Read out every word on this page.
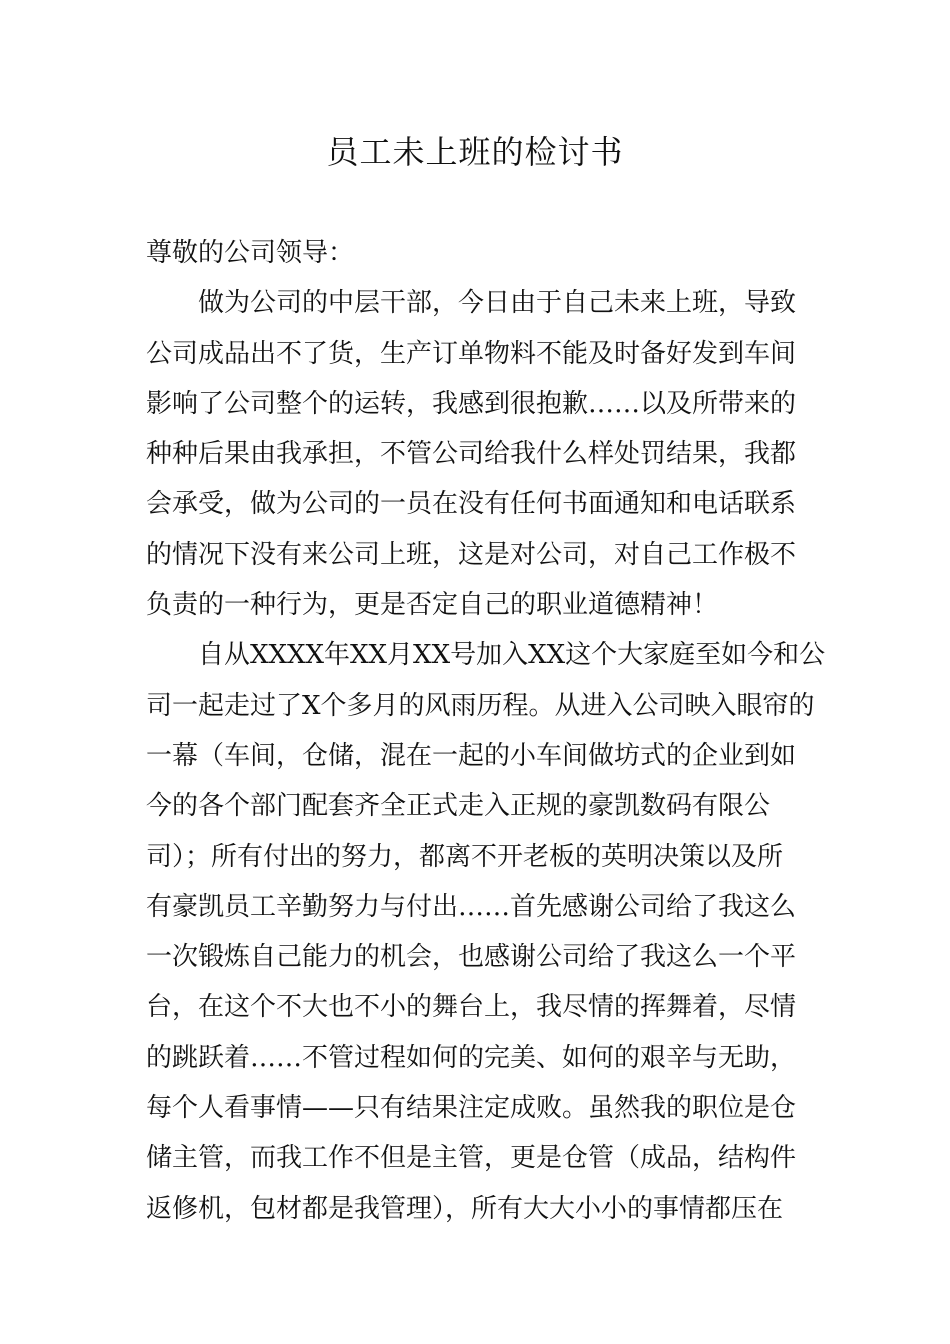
员工未上班的检讨书

尊敬的公司领导：

做为公司的中层干部，今日由于自己未来上班，导致
公司成品出不了货，生产订单物料不能及时备好发到车间
影响了公司整个的运转，我感到很抱歉……以及所带来的
种种后果由我承担，不管公司给我什么样处罚结果，我都
会承受，做为公司的一员在没有任何书面通知和电话联系
的情况下没有来公司上班，这是对公司，对自己工作极不
负责的一种行为，更是否定自己的职业道德精神！

自从XXXX年XX月XX号加入XX这个大家庭至如今和公
司一起走过了X个多月的风雨历程。从进入公司映入眼帘的
一幕（车间，仓储，混在一起的小车间做坊式的企业到如
今的各个部门配套齐全正式走入正规的豪凯数码有限公
司）；所有付出的努力，都离不开老板的英明决策以及所
有豪凯员工辛勤努力与付出……首先感谢公司给了我这么
一次锻炼自己能力的机会，也感谢公司给了我这么一个平
台，在这个不大也不小的舞台上，我尽情的挥舞着，尽情
的跳跃着……不管过程如何的完美、如何的艰辛与无助，
每个人看事情——只有结果注定成败。虽然我的职位是仓
储主管，而我工作不但是主管，更是仓管（成品，结构件
返修机，包材都是我管理），所有大大小小的事情都压在
